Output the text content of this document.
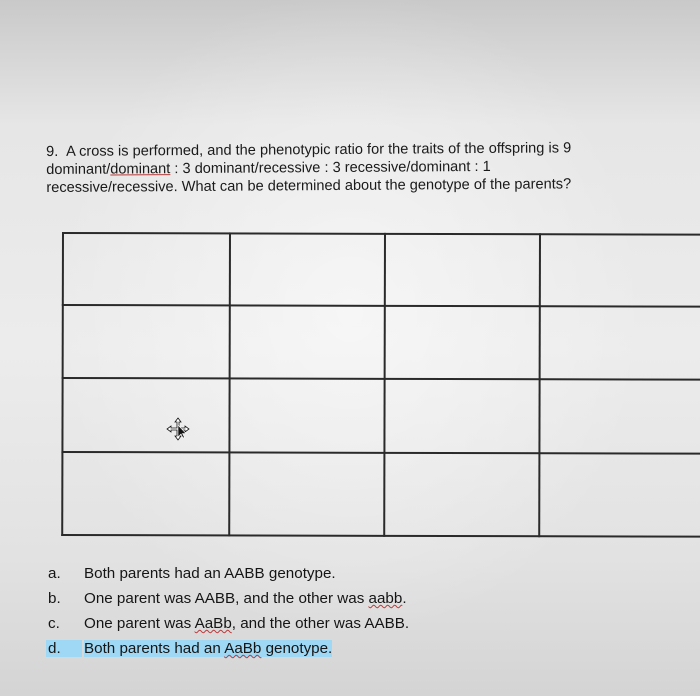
9. A cross is performed, and the phenotypic ratio for the traits of the offspring is 9
dominant/dominant : 3 dominant/recessive : 3 recessive/dominant : 1
recessive/recessive. What can be determined about the genotype of the parents?
a.	Both parents had an AABB genotype.
b.	One parent was AABB, and the other was aabb.
c.	One parent was AaBb, and the other was AABB.
d.	Both parents had an AaBb genotype.
